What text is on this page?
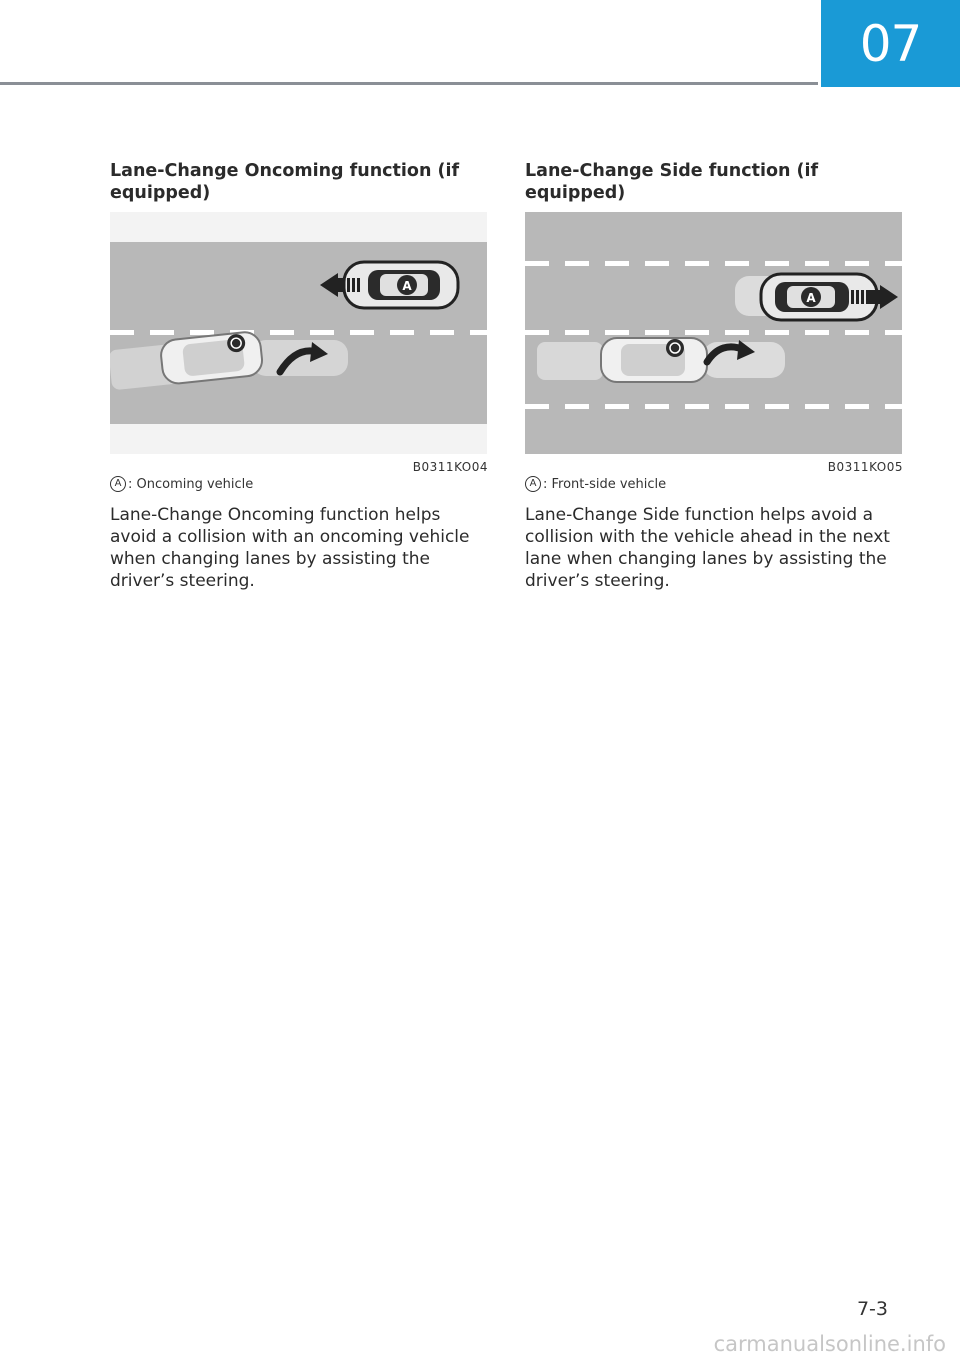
07
Lane-Change Oncoming function (if equipped)
A
B0311KO04
A : Oncoming vehicle

Lane-Change Oncoming function helps avoid a collision with an oncoming vehicle when changing lanes by assisting the driver’s steering.

Lane-Change Side function (if equipped)
A
B0311KO05
A : Front-side vehicle

Lane-Change Side function helps avoid a collision with the vehicle ahead in the next lane when changing lanes by assisting the driver’s steering.

7-3
carmanualsonline.info
